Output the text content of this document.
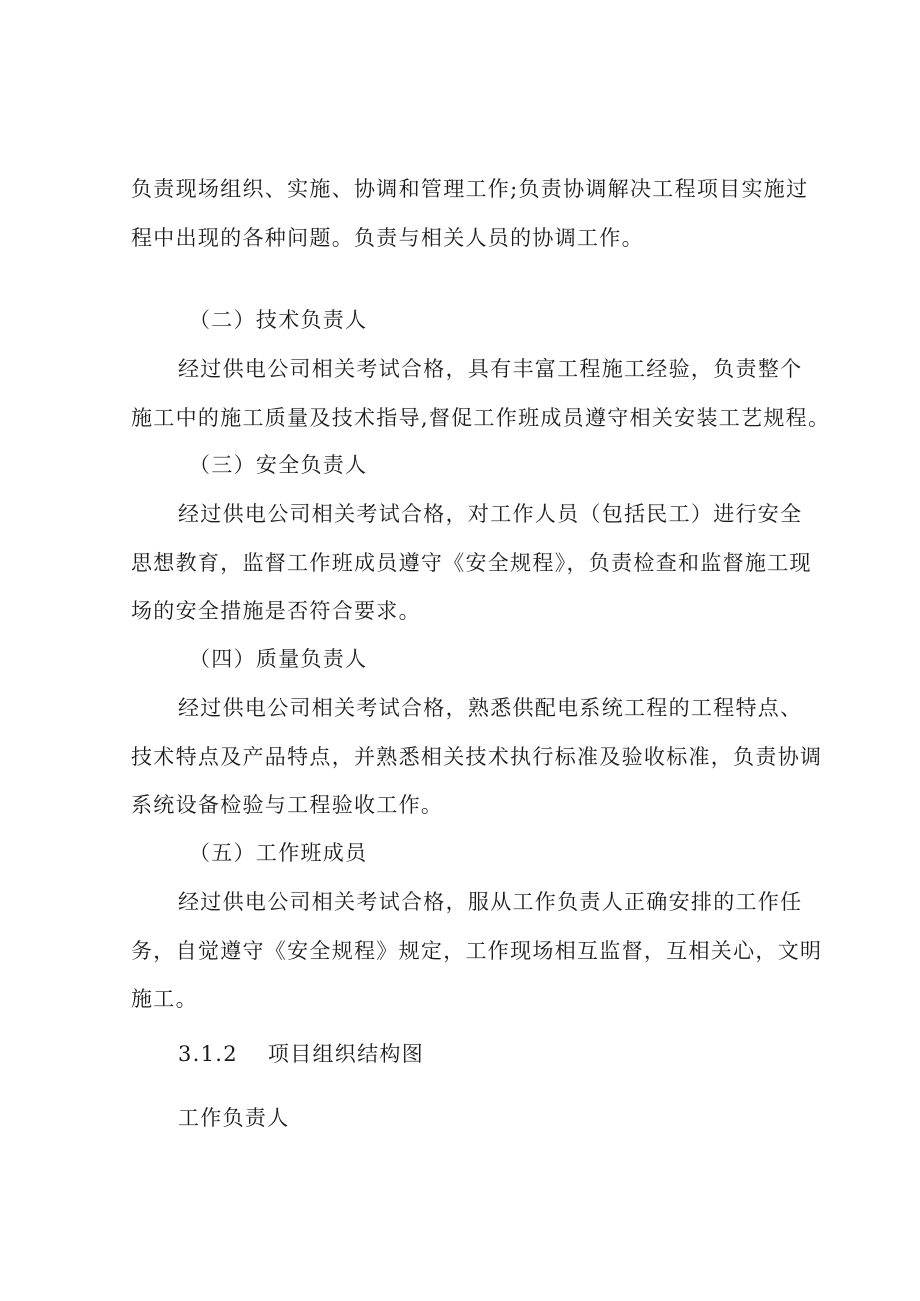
负责现场组织、实施、协调和管理工作;负责协调解决工程项目实施过
程中出现的各种问题。负责与相关人员的协调工作。
（二）技术负责人
经过供电公司相关考试合格，具有丰富工程施工经验，负责整个
施工中的施工质量及技术指导,督促工作班成员遵守相关安装工艺规程。
（三）安全负责人
经过供电公司相关考试合格，对工作人员（包括民工）进行安全
思想教育，监督工作班成员遵守《安全规程》，负责检查和监督施工现
场的安全措施是否符合要求。
（四）质量负责人
经过供电公司相关考试合格，熟悉供配电系统工程的工程特点、
技术特点及产品特点，并熟悉相关技术执行标准及验收标准，负责协调
系统设备检验与工程验收工作。
（五）工作班成员
经过供电公司相关考试合格，服从工作负责人正确安排的工作任
务，自觉遵守《安全规程》规定，工作现场相互监督，互相关心，文明
施工。
3.1.2 项目组织结构图
工作负责人
